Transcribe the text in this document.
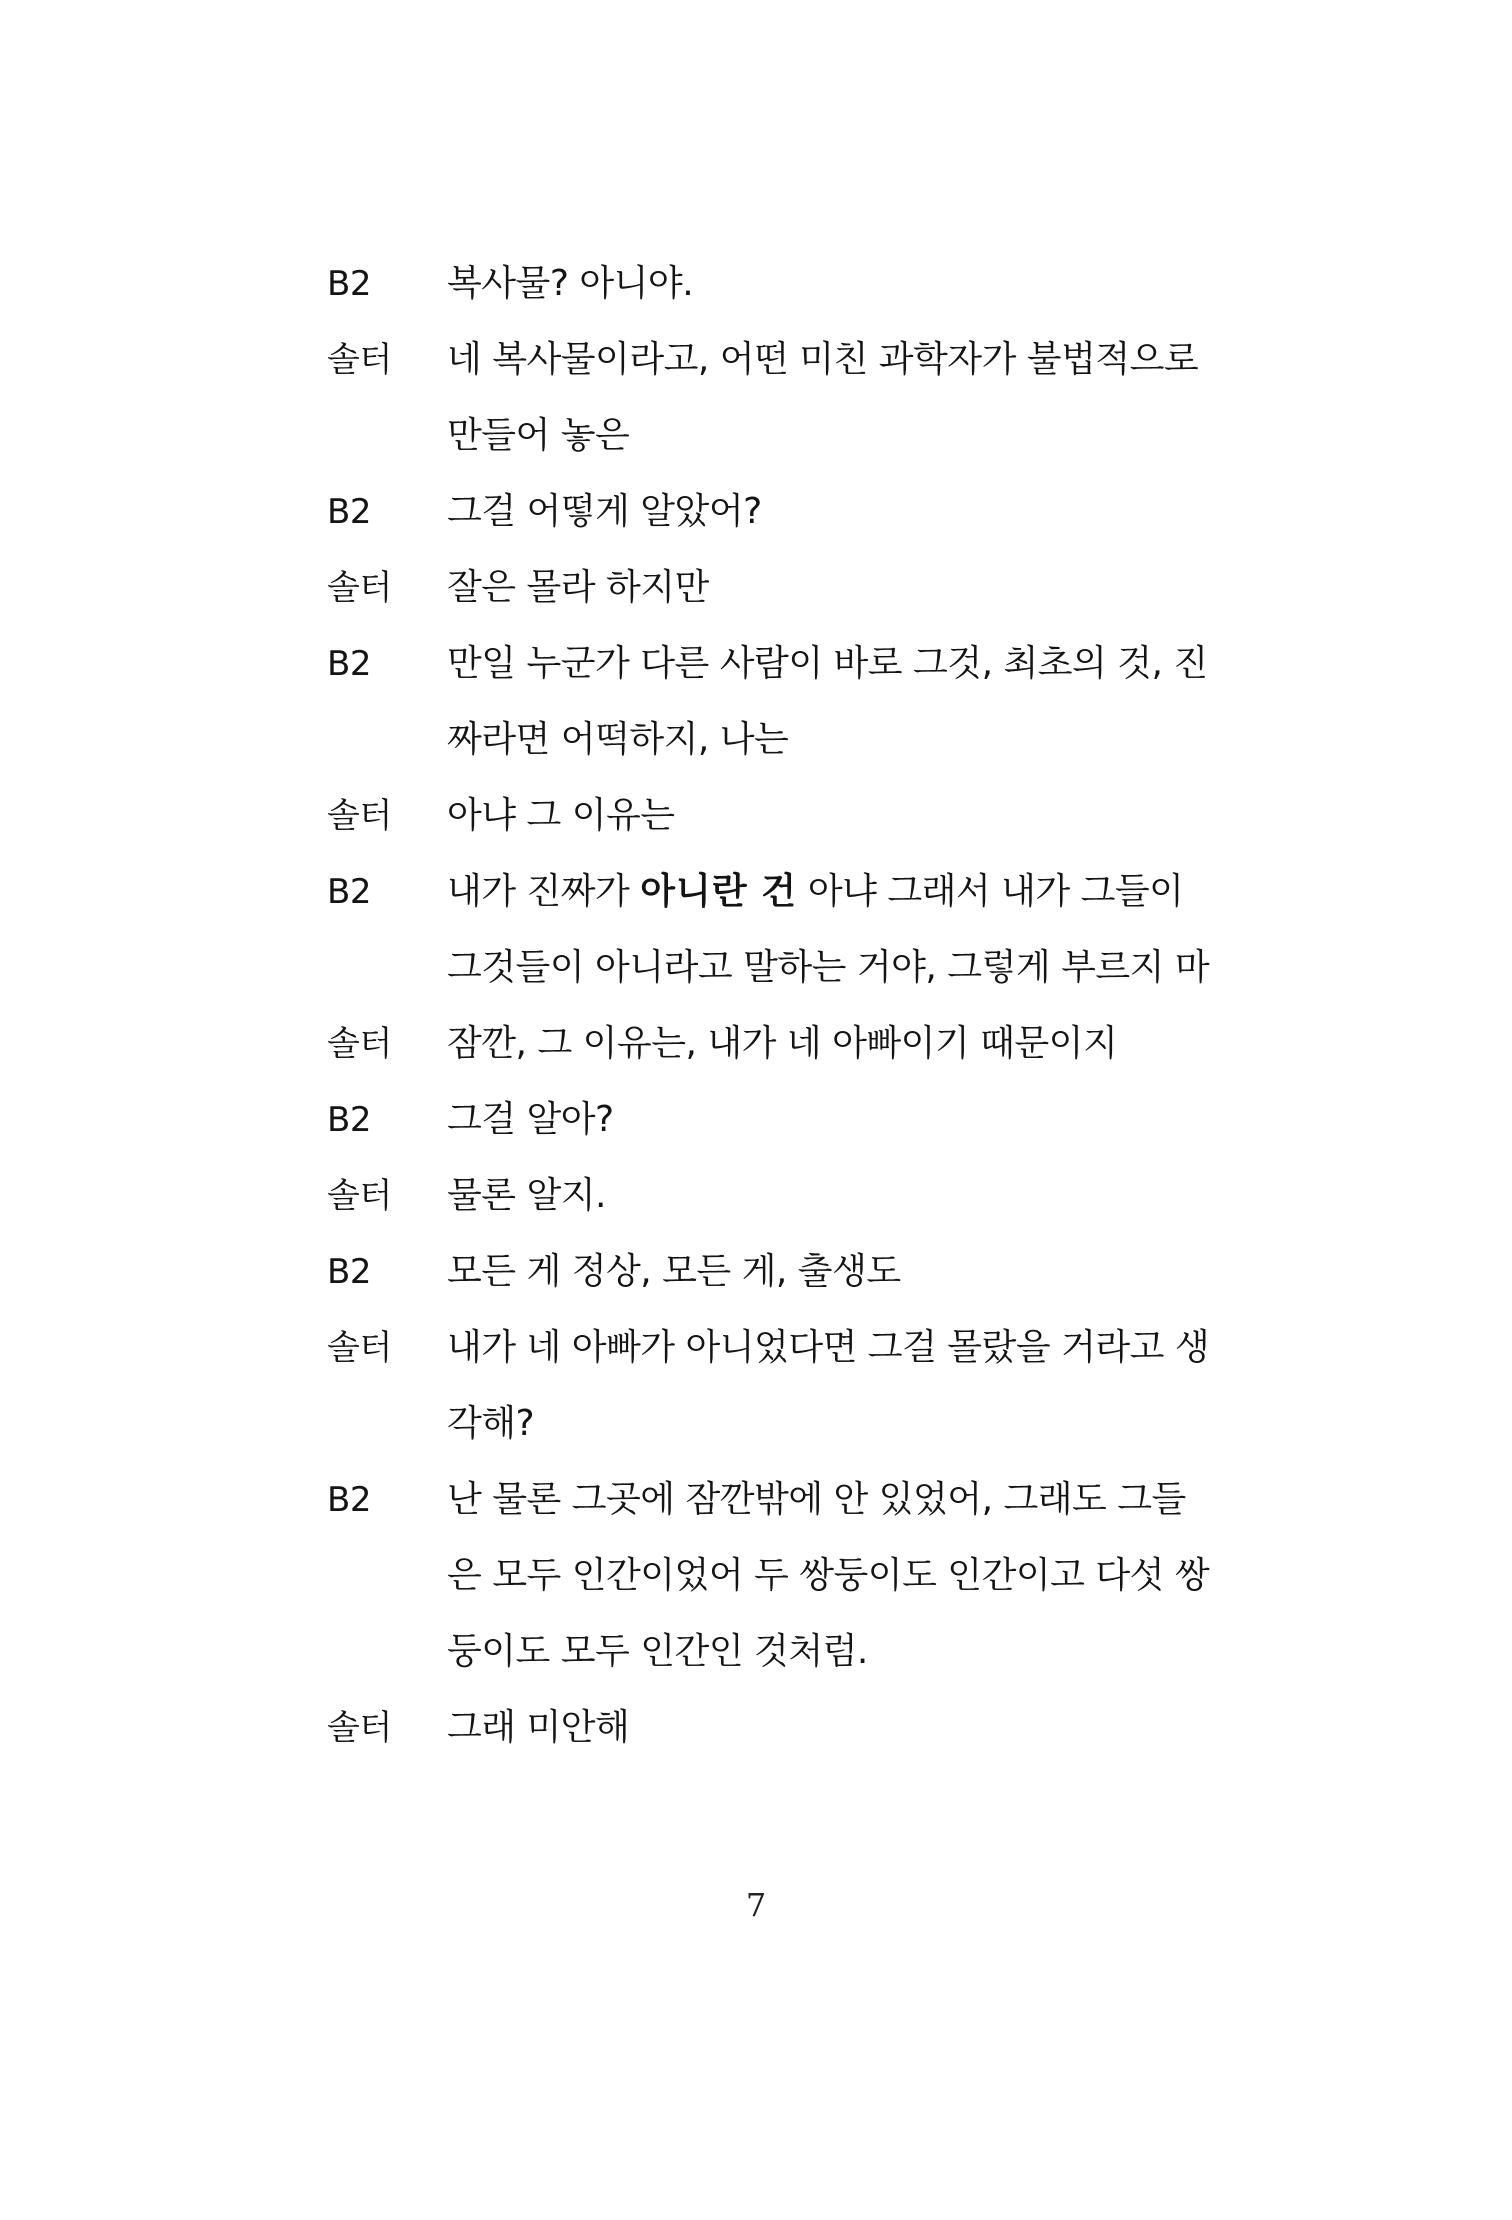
B2	복사물? 아니야.
솔터	네 복사물이라고, 어떤 미친 과학자가 불법적으로
만들어 놓은
B2	그걸 어떻게 알았어?
솔터	잘은 몰라 하지만
B2	만일 누군가 다른 사람이 바로 그것, 최초의 것, 진
짜라면 어떡하지, 나는
솔터	아냐 그 이유는
B2	내가 진짜가 아니란 건 아냐 그래서 내가 그들이
그것들이 아니라고 말하는 거야, 그렇게 부르지 마
솔터	잠깐, 그 이유는, 내가 네 아빠이기 때문이지
B2	그걸 알아?
솔터	물론 알지.
B2	모든 게 정상, 모든 게, 출생도
솔터	내가 네 아빠가 아니었다면 그걸 몰랐을 거라고 생
각해?
B2	난 물론 그곳에 잠깐밖에 안 있었어, 그래도 그들
은 모두 인간이었어 두 쌍둥이도 인간이고 다섯 쌍
둥이도 모두 인간인 것처럼.
솔터	그래 미안해
7
